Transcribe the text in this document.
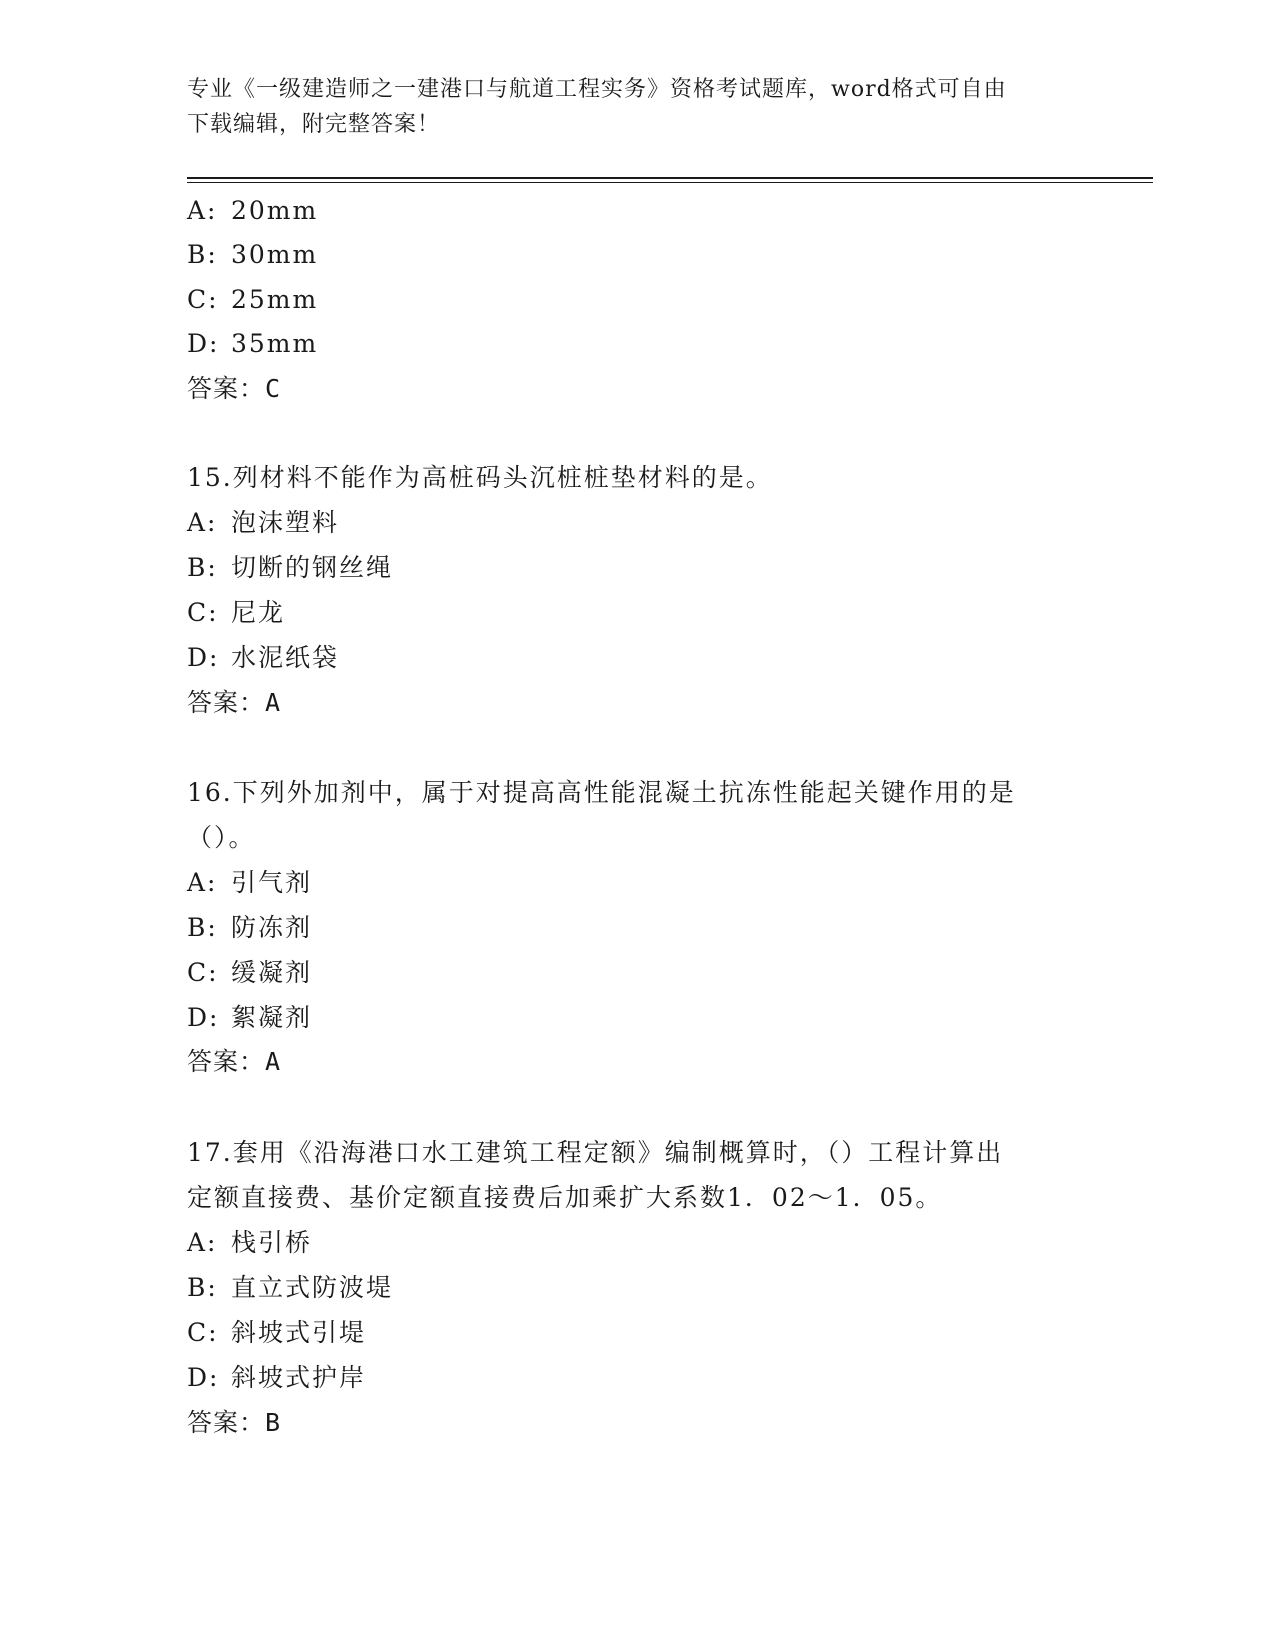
专业《一级建造师之一建港口与航道工程实务》资格考试题库，word格式可自由
下载编辑，附完整答案！
A: 20mm
B: 30mm
C: 25mm
D: 35mm
答案：C
15.列材料不能作为高桩码头沉桩桩垫材料的是。
A: 泡沫塑料
B: 切断的钢丝绳
C: 尼龙
D: 水泥纸袋
答案：A
16.下列外加剂中，属于对提高高性能混凝土抗冻性能起关键作用的是
（）。
A: 引气剂
B: 防冻剂
C: 缓凝剂
D: 絮凝剂
答案：A
17.套用《沿海港口水工建筑工程定额》编制概算时，（）工程计算出
定额直接费、基价定额直接费后加乘扩大系数1．02～1．05。
A: 栈引桥
B: 直立式防波堤
C: 斜坡式引堤
D: 斜坡式护岸
答案：B
